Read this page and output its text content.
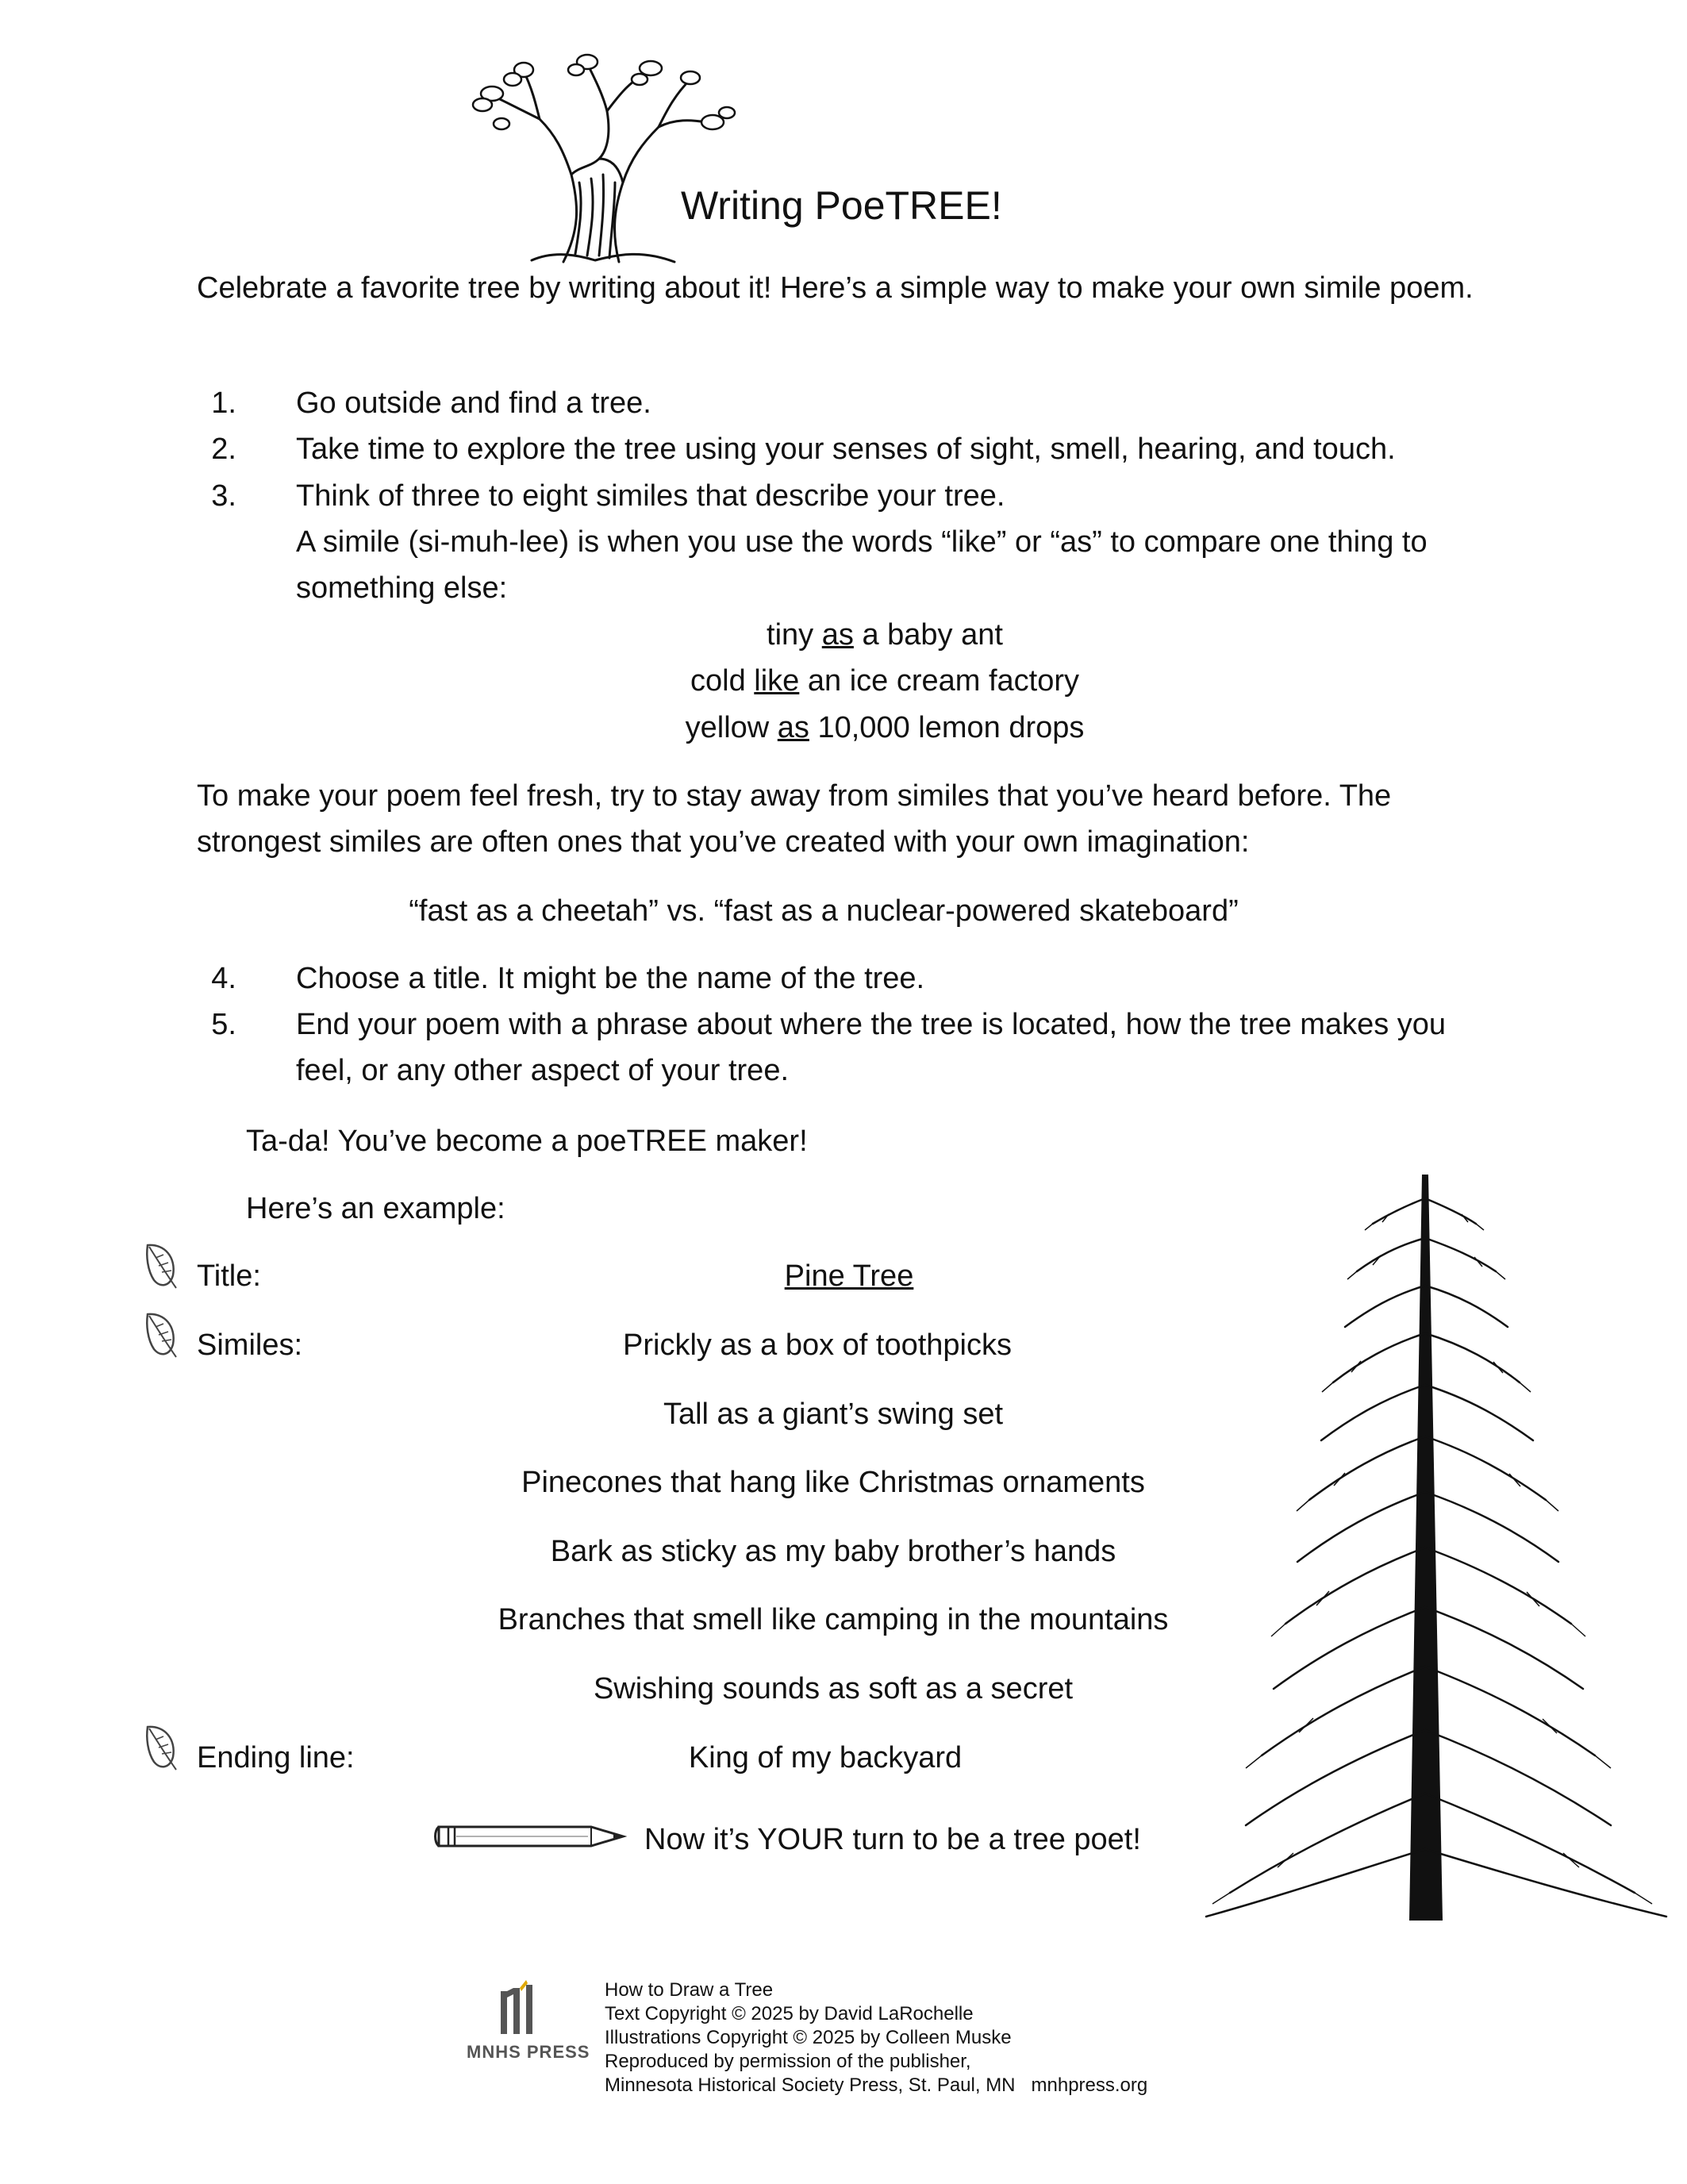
Writing PoeTREE!
Celebrate a favorite tree by writing about it! Here’s a simple way to make your own simile poem.
1. Go outside and find a tree.
2. Take time to explore the tree using your senses of sight, smell, hearing, and touch.
3. Think of three to eight similes that describe your tree.
A simile (si-muh-lee) is when you use the words “like” or “as” to compare one thing to
something else:
tiny as a baby ant
cold like an ice cream factory
yellow as 10,000 lemon drops
To make your poem feel fresh, try to stay away from similes that you’ve heard before. The
strongest similes are often ones that you’ve created with your own imagination:
“fast as a cheetah” vs. “fast as a nuclear-powered skateboard”
4. Choose a title. It might be the name of the tree.
5. End your poem with a phrase about where the tree is located, how the tree makes you
feel, or any other aspect of your tree.
Ta-da! You’ve become a poeTREE maker!
Here’s an example:
Title:	Pine Tree
Similes:	Prickly as a box of toothpicks
Tall as a giant’s swing set
Pinecones that hang like Christmas ornaments
Bark as sticky as my baby brother’s hands
Branches that smell like camping in the mountains
Swishing sounds as soft as a secret
Ending line:	King of my backyard
Now it’s YOUR turn to be a tree poet!
MNHS PRESS
How to Draw a Tree
Text Copyright © 2025 by David LaRochelle
Illustrations Copyright © 2025 by Colleen Muske
Reproduced by permission of the publisher,
Minnesota Historical Society Press, St. Paul, MN   mnhpress.org
